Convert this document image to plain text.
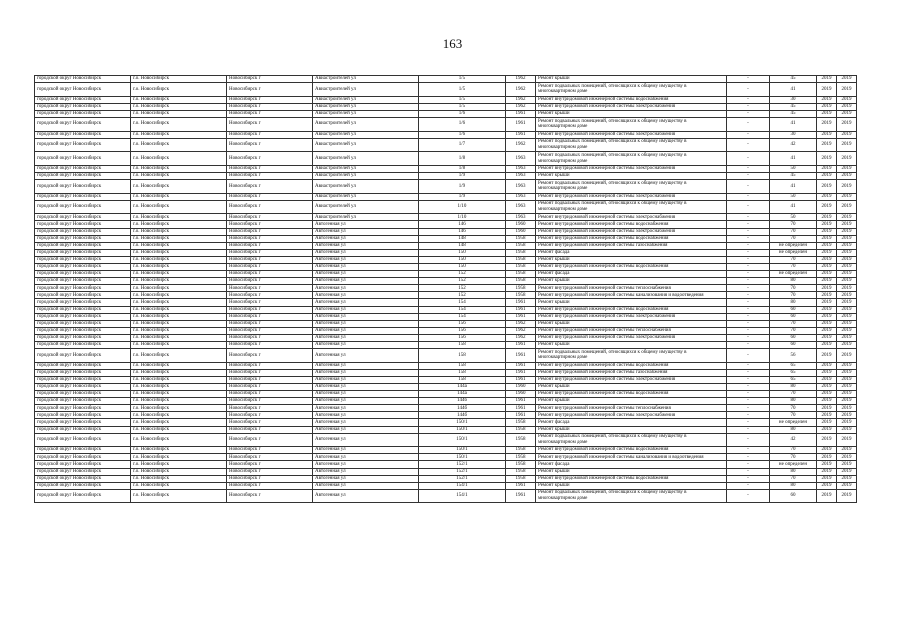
163
городской округ Новосибирск	г.о. Новосибирск	Новосибирск г	Авиастроителей ул	1/5	1962	Ремонт крыши	-	45	2019	2019
городской округ Новосибирск	г.о. Новосибирск	Новосибирск г	Авиастроителей ул	1/5	1962	Ремонт подвальных помещений, относящихся к общему имуществу в многоквартирном доме	-	41	2019	2019
городской округ Новосибирск	г.о. Новосибирск	Новосибирск г	Авиастроителей ул	1/5	1962	Ремонт внутридомовой инженерной системы водоснабжения	-	30	2019	2019
городской округ Новосибирск	г.о. Новосибирск	Новосибирск г	Авиастроителей ул	1/5	1962	Ремонт внутридомовой инженерной системы электроснабжения	-	45	2019	2019
городской округ Новосибирск	г.о. Новосибирск	Новосибирск г	Авиастроителей ул	1/6	1961	Ремонт крыши	-	45	2019	2019
городской округ Новосибирск	г.о. Новосибирск	Новосибирск г	Авиастроителей ул	1/6	1961	Ремонт подвальных помещений, относящихся к общему имуществу в многоквартирном доме	-	41	2019	2019
городской округ Новосибирск	г.о. Новосибирск	Новосибирск г	Авиастроителей ул	1/6	1961	Ремонт внутридомовой инженерной системы электроснабжения	-	30	2019	2019
городской округ Новосибирск	г.о. Новосибирск	Новосибирск г	Авиастроителей ул	1/7	1962	Ремонт подвальных помещений, относящихся к общему имуществу в многоквартирном доме	-	42	2019	2019
городской округ Новосибирск	г.о. Новосибирск	Новосибирск г	Авиастроителей ул	1/8	1963	Ремонт подвальных помещений, относящихся к общему имуществу в многоквартирном доме	-	41	2019	2019
городской округ Новосибирск	г.о. Новосибирск	Новосибирск г	Авиастроителей ул	1/8	1963	Ремонт внутридомовой инженерной системы электроснабжения	-	50	2019	2019
городской округ Новосибирск	г.о. Новосибирск	Новосибирск г	Авиастроителей ул	1/9	1963	Ремонт крыши	-	45	2019	2019
городской округ Новосибирск	г.о. Новосибирск	Новосибирск г	Авиастроителей ул	1/9	1963	Ремонт подвальных помещений, относящихся к общему имуществу в многоквартирном доме	-	41	2019	2019
городской округ Новосибирск	г.о. Новосибирск	Новосибирск г	Авиастроителей ул	1/9	1963	Ремонт внутридомовой инженерной системы электроснабжения	-	50	2019	2019
городской округ Новосибирск	г.о. Новосибирск	Новосибирск г	Авиастроителей ул	1/10	1963	Ремонт подвальных помещений, относящихся к общему имуществу в многоквартирном доме	-	41	2019	2019
городской округ Новосибирск	г.о. Новосибирск	Новосибирск г	Авиастроителей ул	1/10	1963	Ремонт внутридомовой инженерной системы электроснабжения	-	50	2019	2019
городской округ Новосибирск	г.о. Новосибирск	Новосибирск г	Автогенная ул	146	1960	Ремонт внутридомовой инженерной системы водоснабжения	-	70	2019	2019
городской округ Новосибирск	г.о. Новосибирск	Новосибирск г	Автогенная ул	146	1960	Ремонт внутридомовой инженерной системы электроснабжения	-	70	2019	2019
городской округ Новосибирск	г.о. Новосибирск	Новосибирск г	Автогенная ул	148	1958	Ремонт внутридомовой инженерной системы водоснабжения	-	70	2019	2019
городской округ Новосибирск	г.о. Новосибирск	Новосибирск г	Автогенная ул	148	1958	Ремонт внутридомовой инженерной системы газоснабжения	-	не определен	2019	2019
городской округ Новосибирск	г.о. Новосибирск	Новосибирск г	Автогенная ул	150	1958	Ремонт фасада	-	не определен	2019	2019
городской округ Новосибирск	г.о. Новосибирск	Новосибирск г	Автогенная ул	150	1958	Ремонт крыши	-	70	2019	2019
городской округ Новосибирск	г.о. Новосибирск	Новосибирск г	Автогенная ул	150	1958	Ремонт внутридомовой инженерной системы водоснабжения	-	70	2019	2019
городской округ Новосибирск	г.о. Новосибирск	Новосибирск г	Автогенная ул	152	1958	Ремонт фасада	-	не определен	2019	2019
городской округ Новосибирск	г.о. Новосибирск	Новосибирск г	Автогенная ул	152	1958	Ремонт крыши	-	80	2019	2019
городской округ Новосибирск	г.о. Новосибирск	Новосибирск г	Автогенная ул	152	1958	Ремонт внутридомовой инженерной системы теплоснабжения	-	70	2019	2019
городской округ Новосибирск	г.о. Новосибирск	Новосибирск г	Автогенная ул	152	1958	Ремонт внутридомовой инженерной системы канализования и водоотведения	-	70	2019	2019
городской округ Новосибирск	г.о. Новосибирск	Новосибирск г	Автогенная ул	154	1961	Ремонт крыши	-	80	2019	2019
городской округ Новосибирск	г.о. Новосибирск	Новосибирск г	Автогенная ул	154	1961	Ремонт внутридомовой инженерной системы водоснабжения	-	60	2019	2019
городской округ Новосибирск	г.о. Новосибирск	Новосибирск г	Автогенная ул	154	1961	Ремонт внутридомовой инженерной системы электроснабжения	-	60	2019	2019
городской округ Новосибирск	г.о. Новосибирск	Новосибирск г	Автогенная ул	156	1962	Ремонт крыши	-	70	2019	2019
городской округ Новосибирск	г.о. Новосибирск	Новосибирск г	Автогенная ул	156	1962	Ремонт внутридомовой инженерной системы теплоснабжения	-	70	2019	2019
городской округ Новосибирск	г.о. Новосибирск	Новосибирск г	Автогенная ул	156	1962	Ремонт внутридомовой инженерной системы электроснабжения	-	60	2019	2019
городской округ Новосибирск	г.о. Новосибирск	Новосибирск г	Автогенная ул	158	1961	Ремонт крыши	-	60	2019	2019
городской округ Новосибирск	г.о. Новосибирск	Новосибирск г	Автогенная ул	158	1961	Ремонт подвальных помещений, относящихся к общему имуществу в многоквартирном доме	-	56	2019	2019
городской округ Новосибирск	г.о. Новосибирск	Новосибирск г	Автогенная ул	158	1961	Ремонт внутридомовой инженерной системы водоснабжения	-	65	2019	2019
городской округ Новосибирск	г.о. Новосибирск	Новосибирск г	Автогенная ул	158	1961	Ремонт внутридомовой инженерной системы газоснабжения	-	65	2019	2019
городской округ Новосибирск	г.о. Новосибирск	Новосибирск г	Автогенная ул	158	1961	Ремонт внутридомовой инженерной системы электроснабжения	-	65	2019	2019
городской округ Новосибирск	г.о. Новосибирск	Новосибирск г	Автогенная ул	144а	1960	Ремонт крыши	-	80	2019	2019
городской округ Новосибирск	г.о. Новосибирск	Новосибирск г	Автогенная ул	144а	1960	Ремонт внутридомовой инженерной системы водоснабжения	-	70	2019	2019
городской округ Новосибирск	г.о. Новосибирск	Новосибирск г	Автогенная ул	144б	1961	Ремонт крыши	-	80	2019	2019
городской округ Новосибирск	г.о. Новосибирск	Новосибирск г	Автогенная ул	144б	1961	Ремонт внутридомовой инженерной системы теплоснабжения	-	70	2019	2019
городской округ Новосибирск	г.о. Новосибирск	Новосибирск г	Автогенная ул	144б	1961	Ремонт внутридомовой инженерной системы электроснабжения	-	70	2019	2019
городской округ Новосибирск	г.о. Новосибирск	Новосибирск г	Автогенная ул	150/1	1958	Ремонт фасада	-	не определен	2019	2019
городской округ Новосибирск	г.о. Новосибирск	Новосибирск г	Автогенная ул	150/1	1958	Ремонт крыши	-	80	2019	2019
городской округ Новосибирск	г.о. Новосибирск	Новосибирск г	Автогенная ул	150/1	1958	Ремонт подвальных помещений, относящихся к общему имуществу в многоквартирном доме	-	42	2019	2019
городской округ Новосибирск	г.о. Новосибирск	Новосибирск г	Автогенная ул	150/1	1958	Ремонт внутридомовой инженерной системы водоснабжения	-	70	2019	2019
городской округ Новосибирск	г.о. Новосибирск	Новосибирск г	Автогенная ул	150/1	1958	Ремонт внутридомовой инженерной системы канализования и водоотведения	-	70	2019	2019
городской округ Новосибирск	г.о. Новосибирск	Новосибирск г	Автогенная ул	152/1	1958	Ремонт фасада	-	не определен	2019	2019
городской округ Новосибирск	г.о. Новосибирск	Новосибирск г	Автогенная ул	152/1	1958	Ремонт крыши	-	80	2019	2019
городской округ Новосибирск	г.о. Новосибирск	Новосибирск г	Автогенная ул	152/1	1958	Ремонт внутридомовой инженерной системы водоснабжения	-	70	2019	2019
городской округ Новосибирск	г.о. Новосибирск	Новосибирск г	Автогенная ул	154/1	1961	Ремонт крыши	-	80	2019	2019
городской округ Новосибирск	г.о. Новосибирск	Новосибирск г	Автогенная ул	154/1	1961	Ремонт подвальных помещений, относящихся к общему имуществу в многоквартирном доме	-	60	2019	2019
